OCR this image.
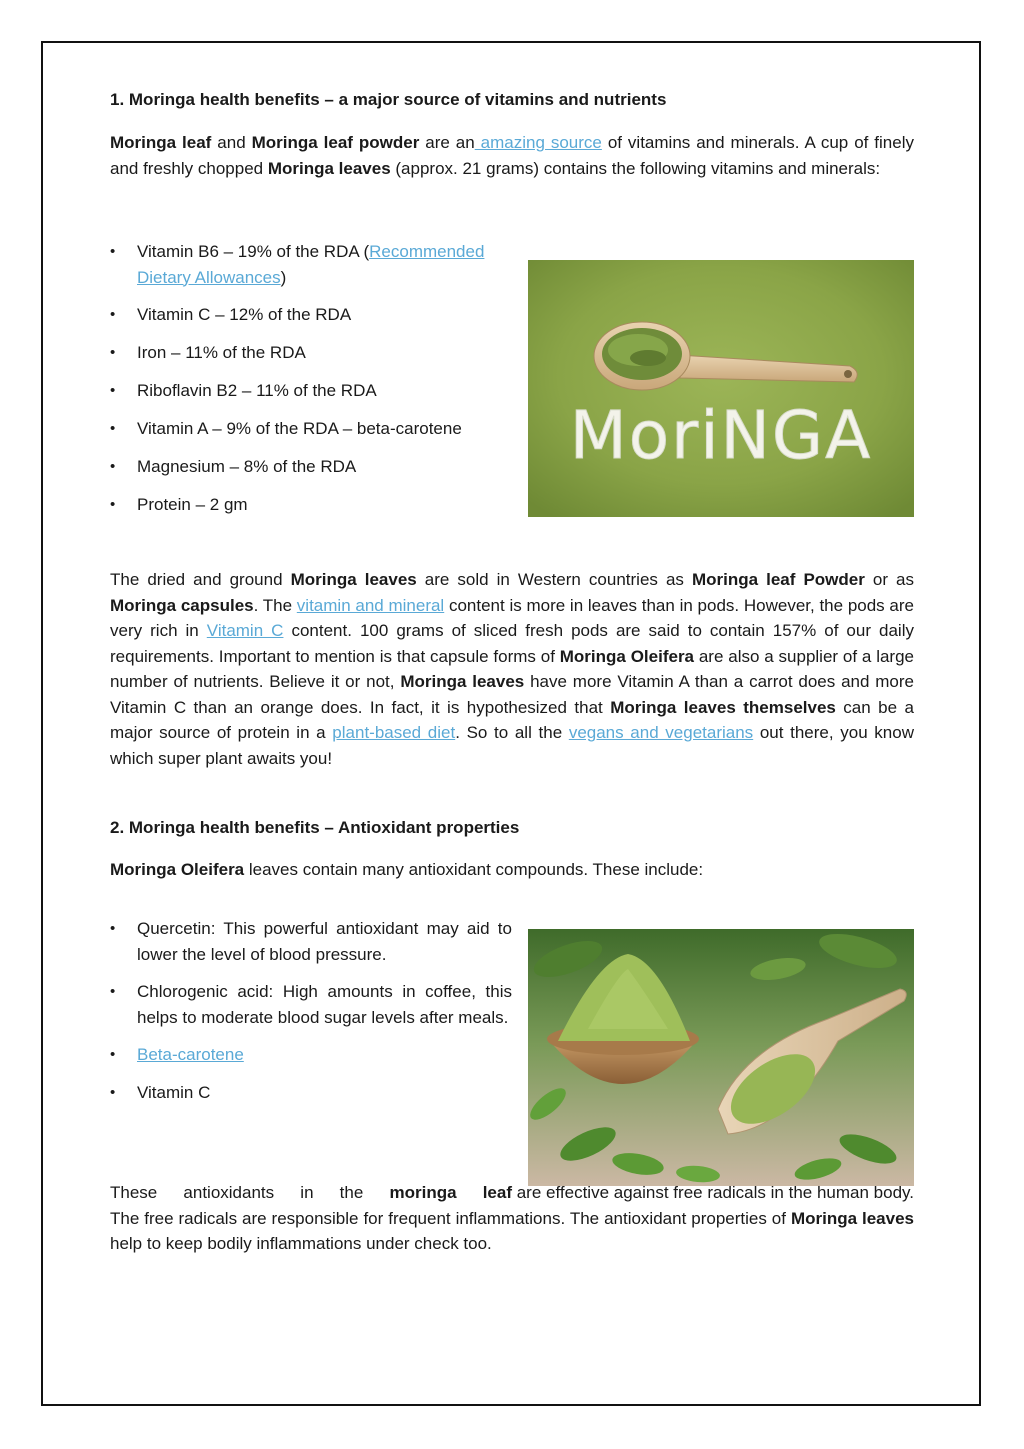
1. Moringa health benefits – a major source of vitamins and nutrients
Moringa leaf and Moringa leaf powder are an amazing source of vitamins and minerals. A cup of finely and freshly chopped Moringa leaves (approx. 21 grams) contains the following vitamins and minerals:
• Vitamin B6 – 19% of the RDA (Recommended Dietary Allowances)
• Vitamin C – 12% of the RDA
• Iron – 11% of the RDA
• Riboflavin B2 – 11% of the RDA
• Vitamin A – 9% of the RDA – beta-carotene
• Magnesium – 8% of the RDA
• Protein – 2 gm
MoriNGA
The dried and ground Moringa leaves are sold in Western countries as Moringa leaf Powder or as Moringa capsules. The vitamin and mineral content is more in leaves than in pods. However, the pods are very rich in Vitamin C content. 100 grams of sliced fresh pods are said to contain 157% of our daily requirements. Important to mention is that capsule forms of Moringa Oleifera are also a supplier of a large number of nutrients. Believe it or not, Moringa leaves have more Vitamin A than a carrot does and more Vitamin C than an orange does. In fact, it is hypothesized that Moringa leaves themselves can be a major source of protein in a plant-based diet. So to all the vegans and vegetarians out there, you know which super plant awaits you!
2. Moringa health benefits – Antioxidant properties
Moringa Oleifera leaves contain many antioxidant compounds. These include:
• Quercetin: This powerful antioxidant may aid to lower the level of blood pressure.
• Chlorogenic acid: High amounts in coffee, this helps to moderate blood sugar levels after meals.
• Beta-carotene
• Vitamin C
These antioxidants in the moringa leaf are effective against free radicals in the human body. The free radicals are responsible for frequent inflammations. The antioxidant properties of Moringa leaves help to keep bodily inflammations under check too.
